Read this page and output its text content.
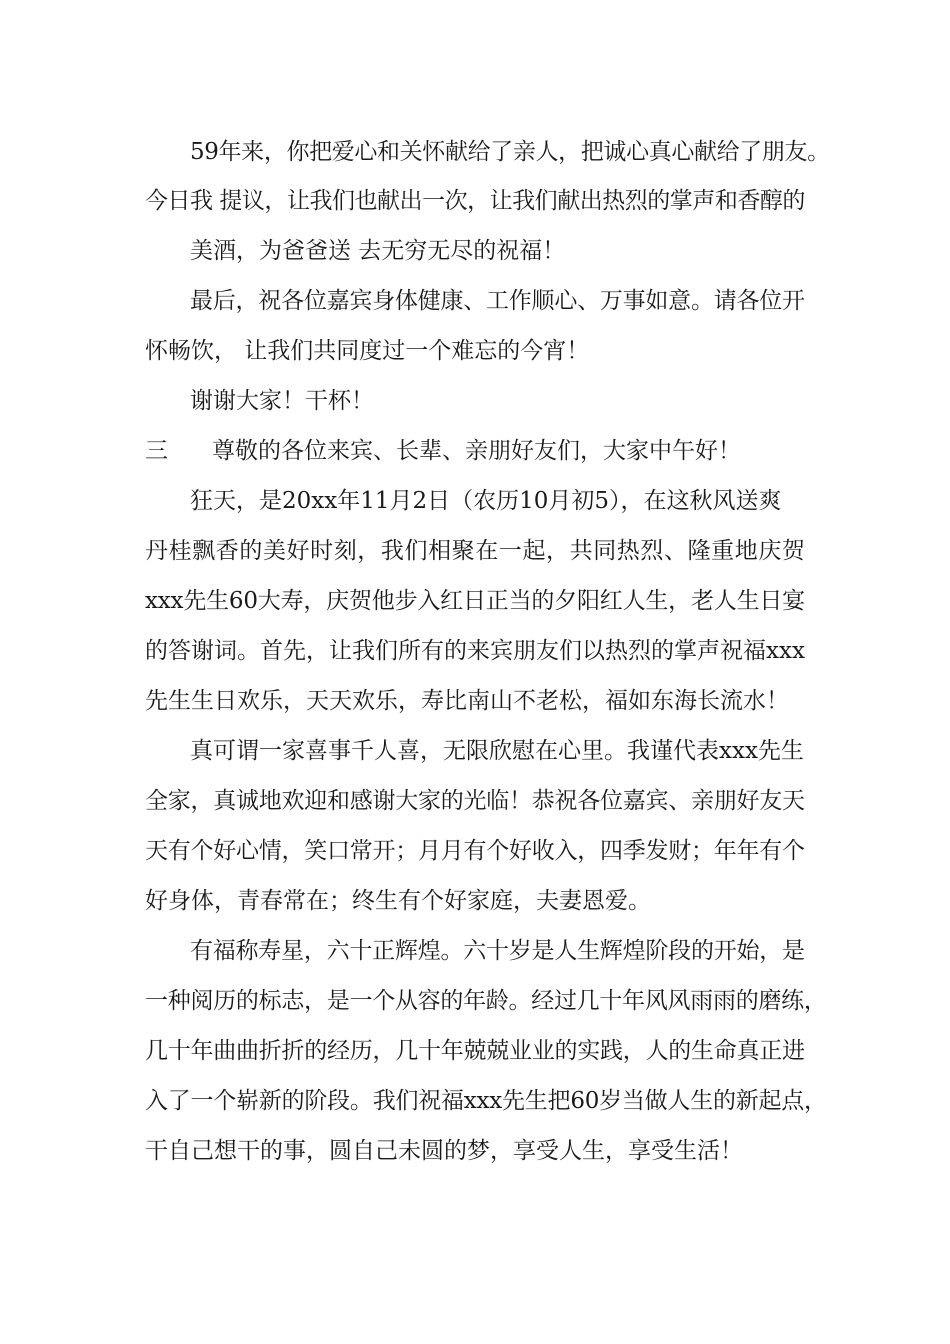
59年来，你把爱心和关怀献给了亲人，把诚心真心献给了朋友。
今日我 提议，让我们也献出一次，让我们献出热烈的掌声和香醇的
美酒，为爸爸送 去无穷无尽的祝福！
最后，祝各位嘉宾身体健康、工作顺心、万事如意。请各位开
怀畅饮， 让我们共同度过一个难忘的今宵！
谢谢大家！干杯！
三 尊敬的各位来宾、长辈、亲朋好友们，大家中午好！
狂天，是20xx年11月2日（农历10月初5），在这秋风送爽
丹桂飘香的美好时刻，我们相聚在一起，共同热烈、隆重地庆贺
xxx先生60大寿，庆贺他步入红日正当的夕阳红人生，老人生日宴
的答谢词。首先，让我们所有的来宾朋友们以热烈的掌声祝福xxx
先生生日欢乐，天天欢乐，寿比南山不老松，福如东海长流水！
真可谓一家喜事千人喜，无限欣慰在心里。我谨代表xxx先生
全家，真诚地欢迎和感谢大家的光临！恭祝各位嘉宾、亲朋好友天
天有个好心情，笑口常开；月月有个好收入，四季发财；年年有个
好身体，青春常在；终生有个好家庭，夫妻恩爱。
有福称寿星，六十正辉煌。六十岁是人生辉煌阶段的开始，是
一种阅历的标志，是一个从容的年龄。经过几十年风风雨雨的磨练，
几十年曲曲折折的经历，几十年兢兢业业的实践，人的生命真正进
入了一个崭新的阶段。我们祝福xxx先生把60岁当做人生的新起点，
干自己想干的事，圆自己未圆的梦，享受人生，享受生活！
